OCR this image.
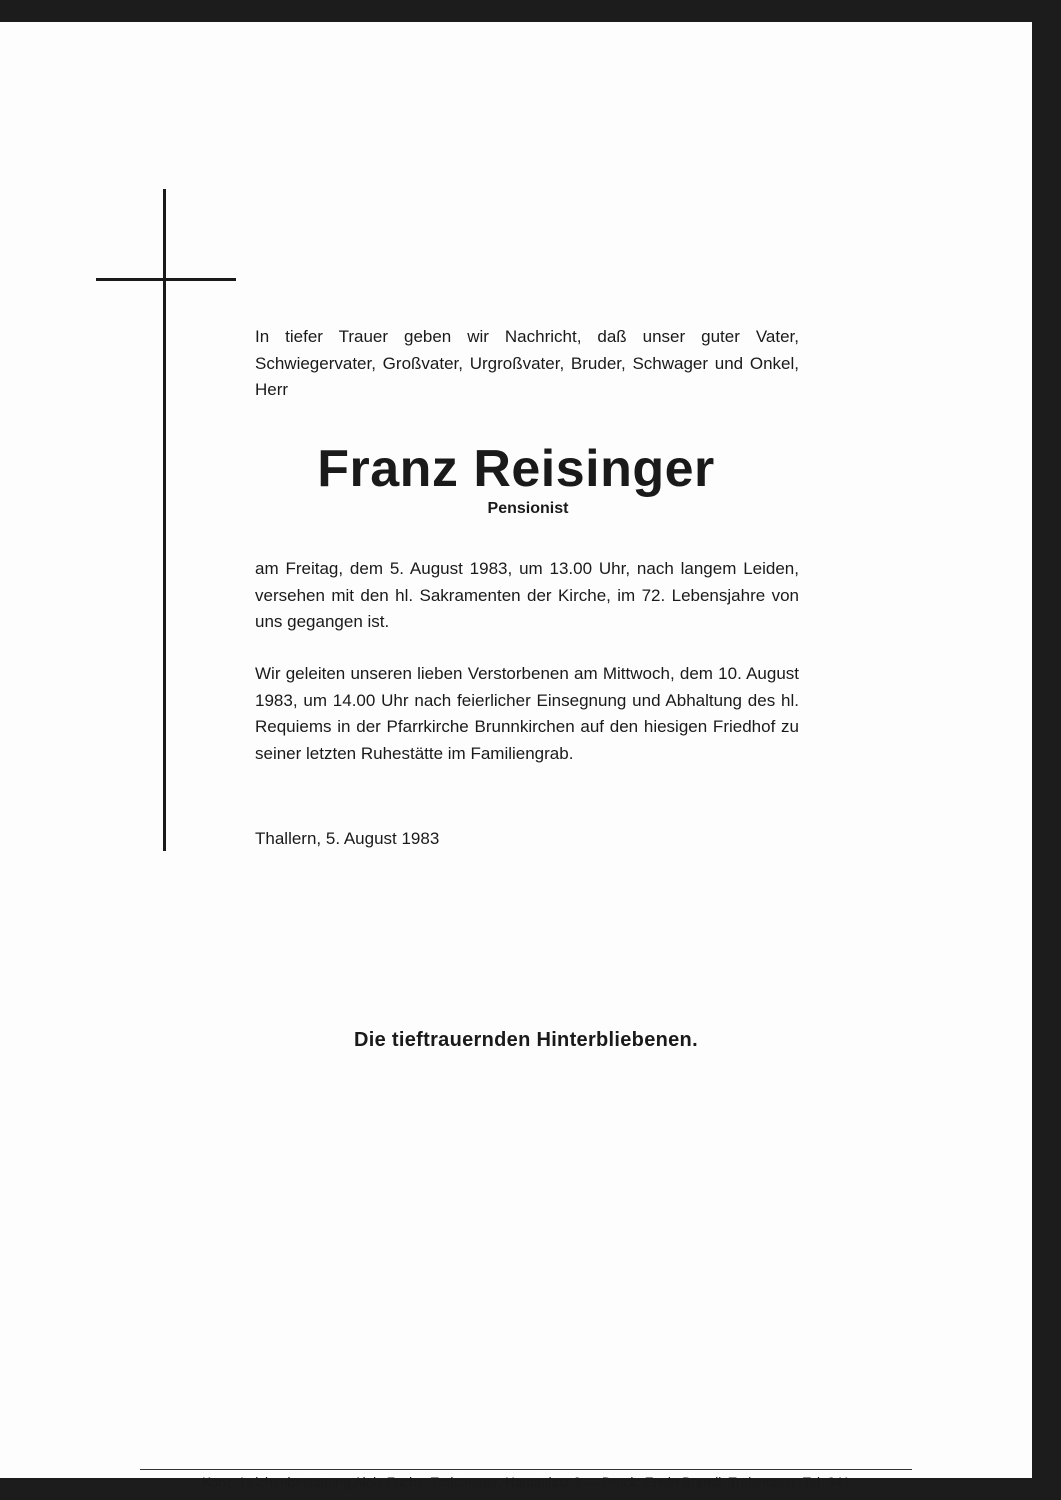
In tiefer Trauer geben wir Nachricht, daß unser guter Vater, Schwiegervater, Großvater, Urgroßvater, Bruder, Schwager und Onkel, Herr

Franz Reisinger

Pensionist

am Freitag, dem 5. August 1983, um 13.00 Uhr, nach langem Leiden, versehen mit den hl. Sakramenten der Kirche, im 72. Lebensjahre von uns gegangen ist.

Wir geleiten unseren lieben Verstorbenen am Mittwoch, dem 10. August 1983, um 14.00 Uhr nach feierlicher Einsegnung und Abhaltung des hl. Requiems in der Pfarrkirche Brunnkirchen auf den hiesigen Friedhof zu seiner letzten Ruhestätte im Familiengrab.

Thallern, 5. August 1983

Die tieftrauernden Hinterbliebenen.

Konz. Leichenbestattung Alois Fuchs, Traismauer, Hauptplatz 2 — Druck: Erwin Brandl, Traismauer, Tel. 341
